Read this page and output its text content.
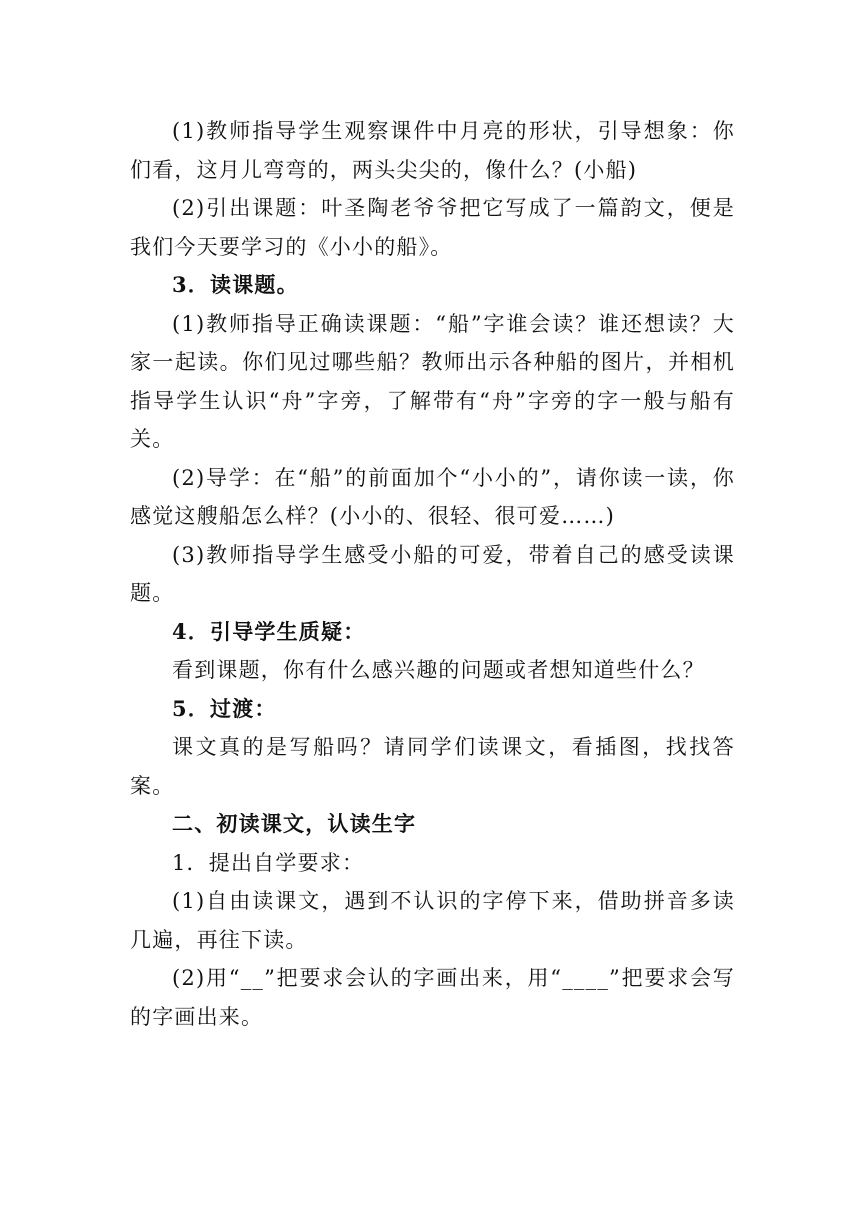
(1)教师指导学生观察课件中月亮的形状，引导想象：你们看，这月儿弯弯的，两头尖尖的，像什么？(小船)

(2)引出课题：叶圣陶老爷爷把它写成了一篇韵文，便是我们今天要学习的《小小的船》。

3．读课题。

(1)教师指导正确读课题：“船”字谁会读？谁还想读？大家一起读。你们见过哪些船？教师出示各种船的图片，并相机指导学生认识“舟”字旁，了解带有“舟”字旁的字一般与船有关。

(2)导学：在“船”的前面加个“小小的”，请你读一读，你感觉这艘船怎么样？(小小的、很轻、很可爱……)

(3)教师指导学生感受小船的可爱，带着自己的感受读课题。

4．引导学生质疑：

看到课题，你有什么感兴趣的问题或者想知道些什么？

5．过渡：

课文真的是写船吗？请同学们读课文，看插图，找找答案。

二、初读课文，认读生字

1．提出自学要求：

(1)自由读课文，遇到不认识的字停下来，借助拼音多读几遍，再往下读。

(2)用“__”把要求会认的字画出来，用“____”把要求会写的字画出来。
